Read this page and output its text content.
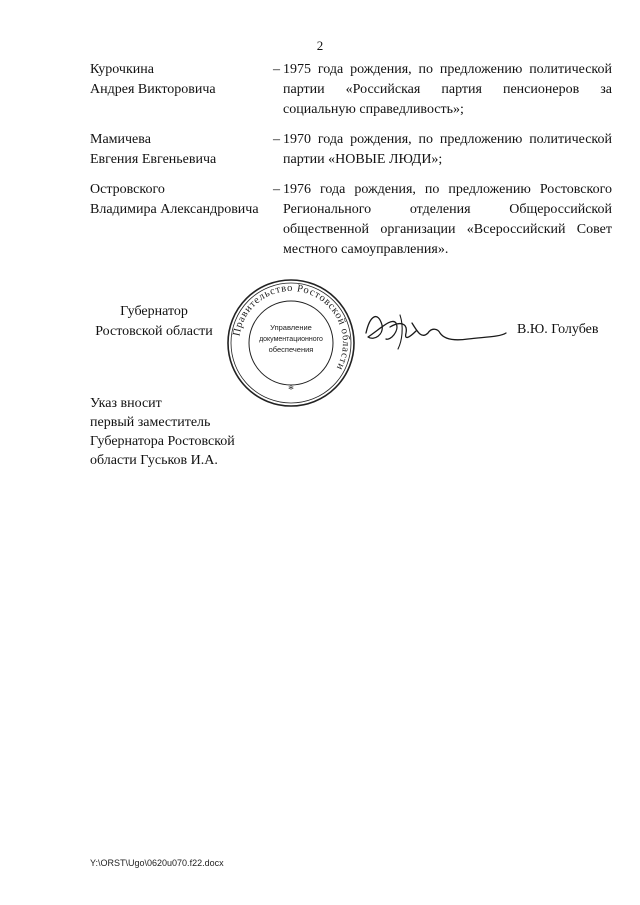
2
Курочкина
Андрея Викторовича
– 1975 года рождения, по предложению политической партии «Российская партия пенсионеров за социальную справедливость»;
Мамичева
Евгения Евгеньевича
– 1970 года рождения, по предложению политической партии «НОВЫЕ ЛЮДИ»;
Островского
Владимира Александровича
– 1976 года рождения, по предложению Ростовского Регионального отделения Общероссийской общественной организации «Всероссийский Совет местного самоуправления».
Губернатор
Ростовской области	Правительство Ростовской области
Управление
документационного
обеспечения
*
В.Ю. Голубев
Указ вносит
первый заместитель
Губернатора Ростовской
области Гуськов И.А.
Y:\ORST\Ugo\0620u070.f22.docx
